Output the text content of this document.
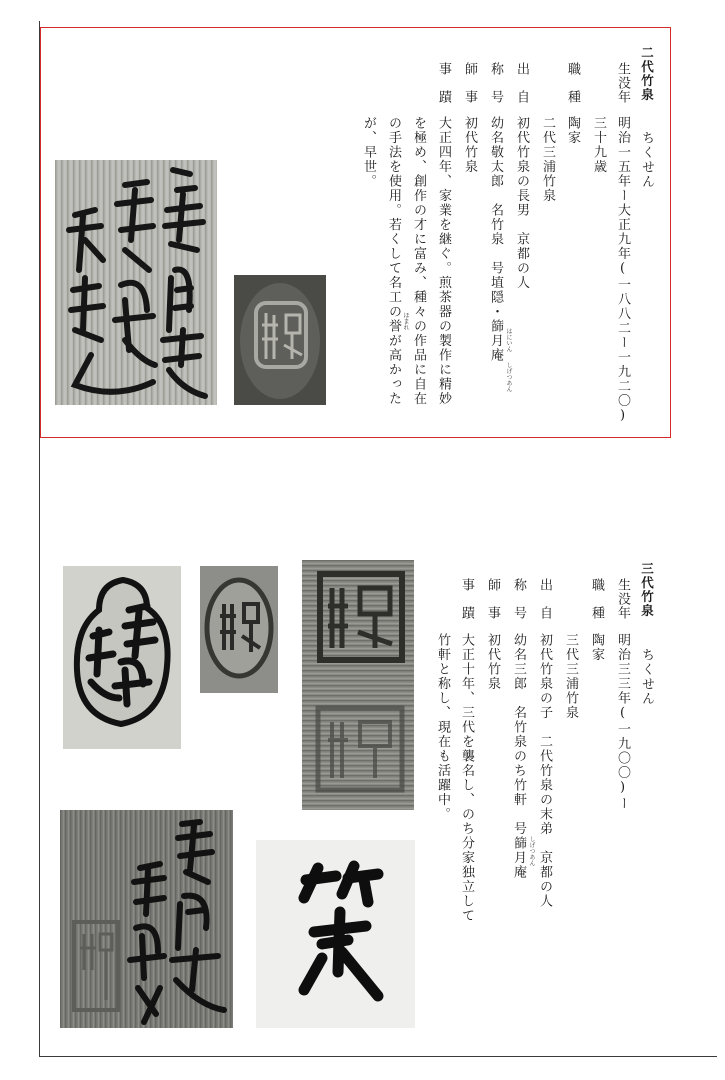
二代竹泉
ちくせん
生没年
明治一五年ー大正九年(一八八二ー一九二〇)
三十九歳
職　種
陶家
二代三浦竹泉
出　自
初代竹泉の長男　京都の人
称　号
幼名敬太郎　名竹泉　号埴隠・篩月庵 はにいん
しげつあん
師　事
初代竹泉
事　蹟
大正四年、家業を継ぐ。煎茶器の製作に精妙
を極め、創作の才に富み、種々の作品に自在
の手法を使用。若くして名工の誉が高かった ほまれ
が、早世。
三代竹泉
ちくせん
生没年
明治三三年(一九〇〇)ー
職　種
陶家
三代三浦竹泉
出　自
初代竹泉の子　二代竹泉の末弟　京都の人
称　号
幼名三郎　名竹泉のち竹軒　号篩月庵 しげつあん
師　事
初代竹泉
事　蹟
大正十年、三代を襲名し、のち分家独立して
竹軒と称し、現在も活躍中。
